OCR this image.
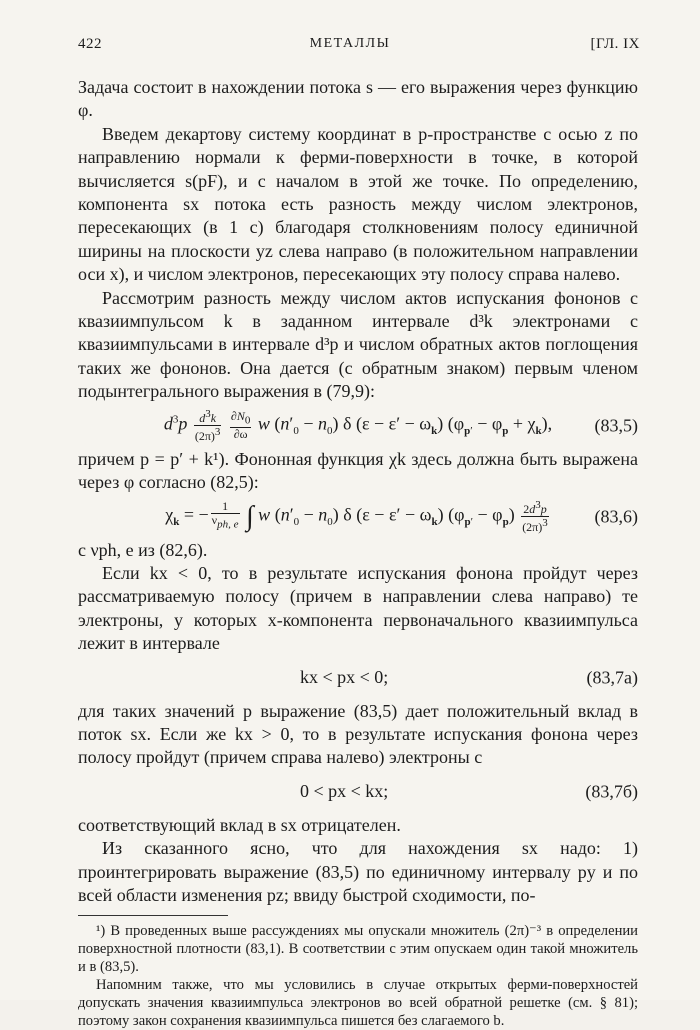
422	МЕТАЛЛЫ	[ГЛ. IX

Задача состоит в нахождении потока s — его выражения через функцию φ.

Введем декартову систему координат в p-пространстве с осью z по направлению нормали к ферми-поверхности в точке, в которой вычисляется s(pF), и с началом в этой же точке. По определению, компонента sx потока есть разность между числом электронов, пересекающих (в 1 с) благодаря столкновениям полосу единичной ширины на плоскости yz слева направо (в положительном направлении оси x), и числом электронов, пересекающих эту полосу справа налево.

Рассмотрим разность между числом актов испускания фононов с квазиимпульсом k в заданном интервале d³k электронами с квазиимпульсами в интервале d³p и числом обратных актов поглощения таких же фононов. Она дается (с обратным знаком) первым членом подынтегрального выражения в (79,9):

$d^3p \frac{d^3k}{(2\pi)^3}$
$\frac{\partial N_0}{\partial\omega}$ w $(n'_0 - n_0)$ δ $(\varepsilon - \varepsilon' - \omega_k)$ $(\varphi_{p'} - \varphi_p + \chi_k)$,	(83,5)

причем p = p′ + k¹). Фононная функция χk здесь должна быть выражена через φ согласно (82,5):

$\chi_k$ = − $\frac{1}{\nu_{ph, e}}$ ∫ w $(n'_0 - n_0)$ δ $(\varepsilon - \varepsilon' - \omega_k)$ $(\varphi_{p'} - \varphi_p) \frac{2d^3p}{(2\pi)^3}$	(83,6)

с νph, e из (82,6).

Если kx < 0, то в результате испускания фонона пройдут через рассматриваемую полосу (причем в направлении слева направо) те электроны, у которых x-компонента первоначального квазиимпульса лежит в интервале

kx < px < 0;	(83,7а)

для таких значений p выражение (83,5) дает положительный вклад в поток sx. Если же kx > 0, то в результате испускания фонона через полосу пройдут (причем справа налево) электроны с

0 < px < kx;	(83,7б)

соответствующий вклад в sx отрицателен.

Из сказанного ясно, что для нахождения sx надо: 1) проинтегрировать выражение (83,5) по единичному интервалу py и по всей области изменения pz; ввиду быстрой сходимости, по-

¹) В проведенных выше рассуждениях мы опускали множитель (2π)⁻³ в определении поверхностной плотности (83,1). В соответствии с этим опускаем один такой множитель и в (83,5).

Напомним также, что мы условились в случае открытых ферми-поверхностей допускать значения квазиимпульса электронов во всей обратной решетке (см. § 81); поэтому закон сохранения квазиимпульса пишется без слагаемого b.
